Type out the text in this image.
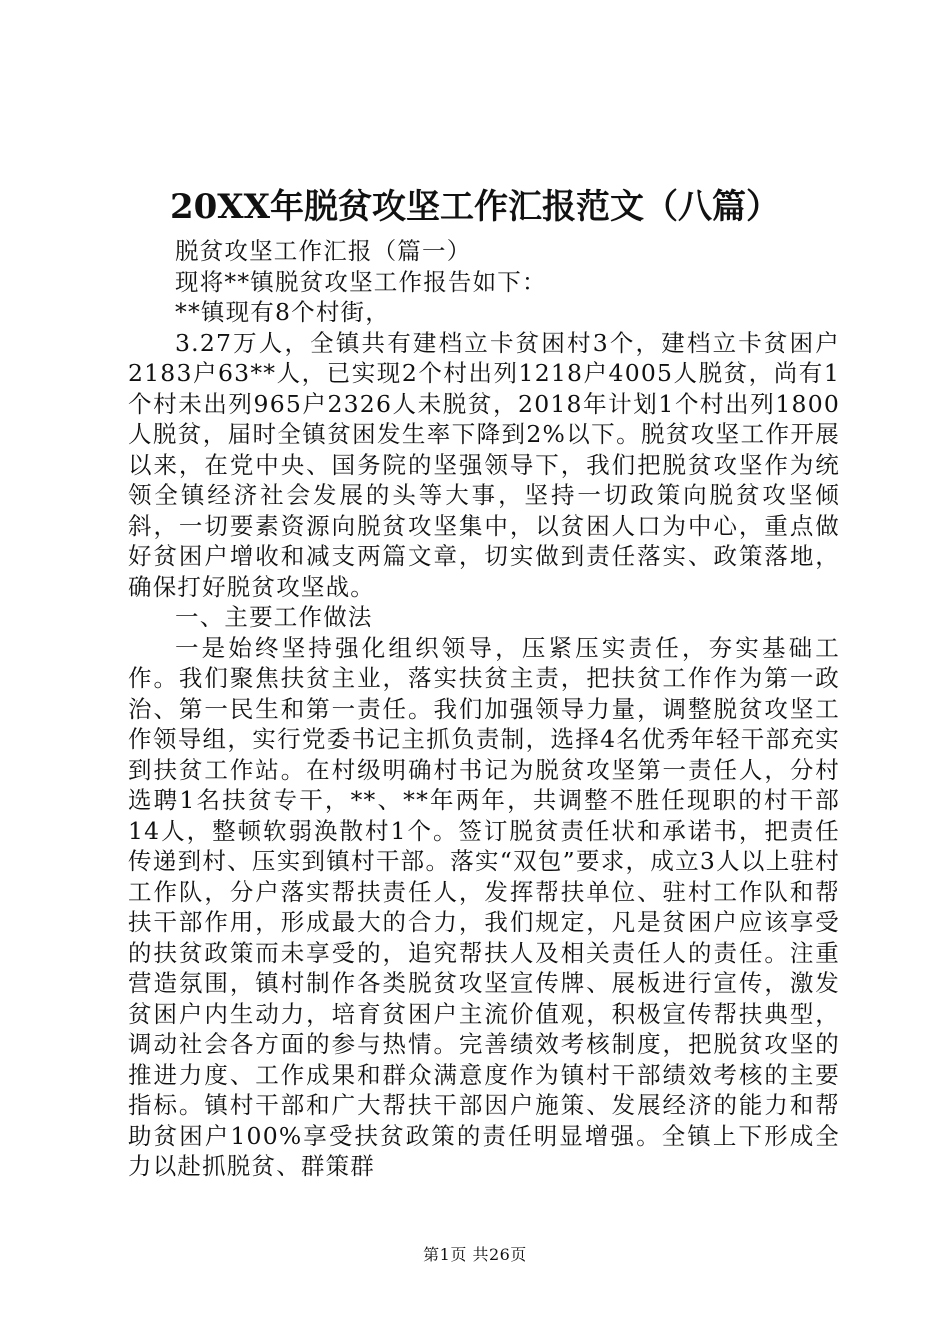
20XX年脱贫攻坚工作汇报范文（八篇）

脱贫攻坚工作汇报（篇一）

现将**镇脱贫攻坚工作报告如下：

**镇现有8个村街，

3.27万人，全镇共有建档立卡贫困村3个，建档立卡贫困户2183户63**人，已实现2个村出列1218户4005人脱贫，尚有1个村未出列965户2326人未脱贫，2018年计划1个村出列1800人脱贫，届时全镇贫困发生率下降到2%以下。脱贫攻坚工作开展以来，在党中央、国务院的坚强领导下，我们把脱贫攻坚作为统领全镇经济社会发展的头等大事，坚持一切政策向脱贫攻坚倾斜，一切要素资源向脱贫攻坚集中，以贫困人口为中心，重点做好贫困户增收和减支两篇文章，切实做到责任落实、政策落地，确保打好脱贫攻坚战。

一、主要工作做法

一是始终坚持强化组织领导，压紧压实责任，夯实基础工作。我们聚焦扶贫主业，落实扶贫主责，把扶贫工作作为第一政治、第一民生和第一责任。我们加强领导力量，调整脱贫攻坚工作领导组，实行党委书记主抓负责制，选择4名优秀年轻干部充实到扶贫工作站。在村级明确村书记为脱贫攻坚第一责任人，分村选聘1名扶贫专干，**、**年两年，共调整不胜任现职的村干部14人，整顿软弱涣散村1个。签订脱贫责任状和承诺书，把责任传递到村、压实到镇村干部。落实“双包”要求，成立3人以上驻村工作队，分户落实帮扶责任人，发挥帮扶单位、驻村工作队和帮扶干部作用，形成最大的合力，我们规定，凡是贫困户应该享受的扶贫政策而未享受的，追究帮扶人及相关责任人的责任。注重营造氛围，镇村制作各类脱贫攻坚宣传牌、展板进行宣传，激发贫困户内生动力，培育贫困户主流价值观，积极宣传帮扶典型，调动社会各方面的参与热情。完善绩效考核制度，把脱贫攻坚的推进力度、工作成果和群众满意度作为镇村干部绩效考核的主要指标。镇村干部和广大帮扶干部因户施策、发展经济的能力和帮助贫困户100%享受扶贫政策的责任明显增强。全镇上下形成全力以赴抓脱贫、群策群

第1页 共26页
